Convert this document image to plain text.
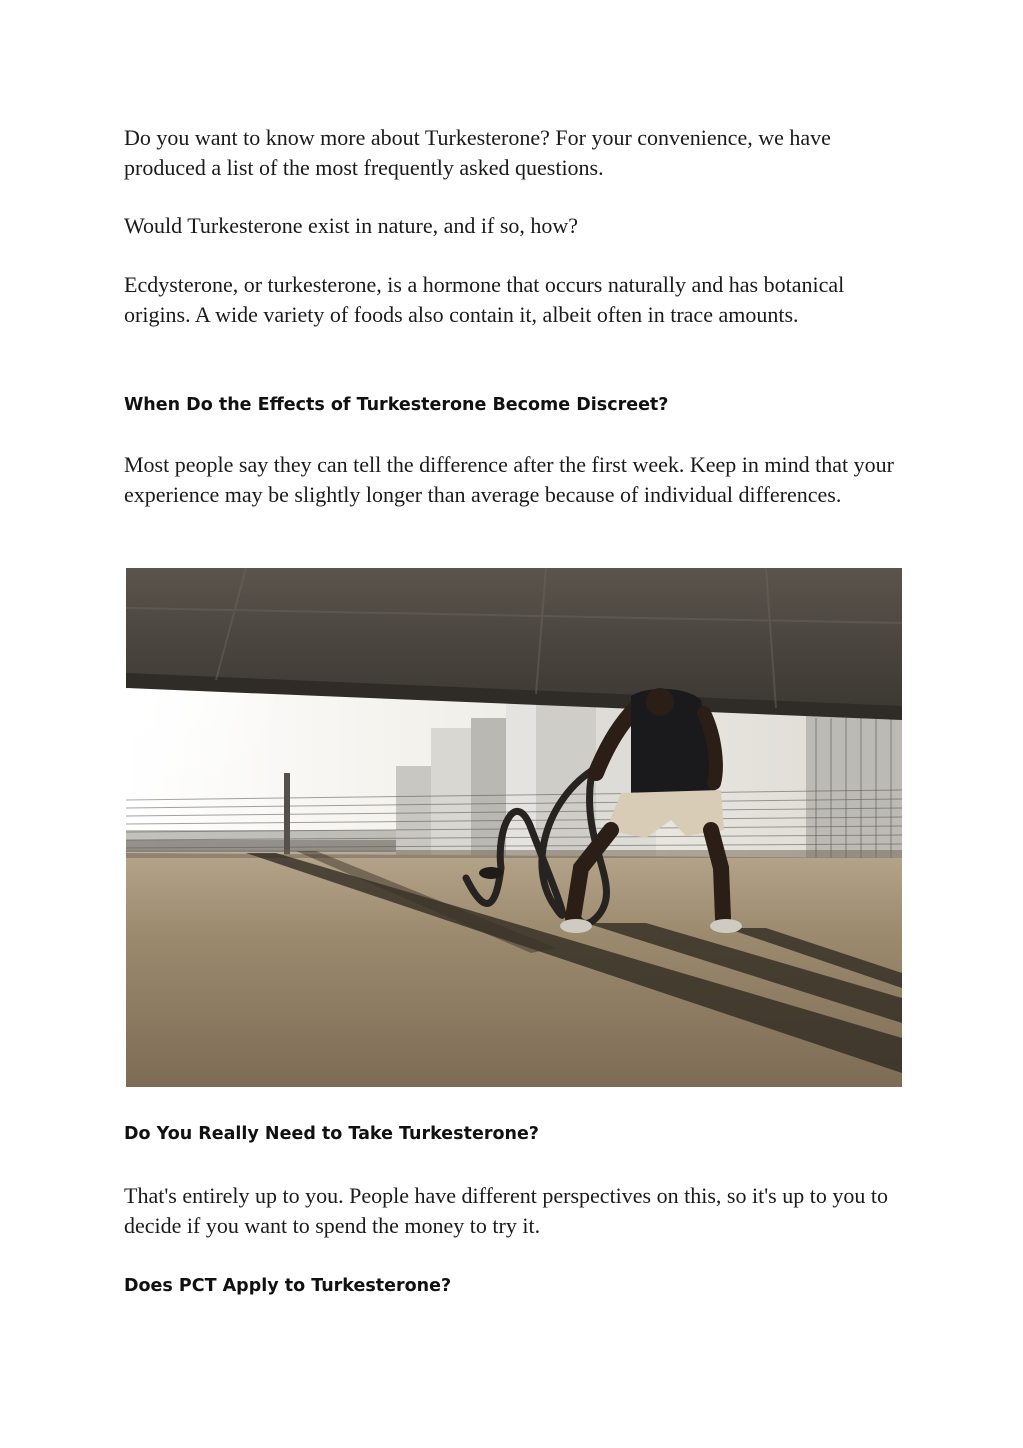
Do you want to know more about Turkesterone? For your convenience, we have produced a list of the most frequently asked questions.

Would Turkesterone exist in nature, and if so, how?

Ecdysterone, or turkesterone, is a hormone that occurs naturally and has botanical origins. A wide variety of foods also contain it, albeit often in trace amounts.

When Do the Effects of Turkesterone Become Discreet?

Most people say they can tell the difference after the first week. Keep in mind that your experience may be slightly longer than average because of individual differences.

Do You Really Need to Take Turkesterone?

That's entirely up to you. People have different perspectives on this, so it's up to you to decide if you want to spend the money to try it.

Does PCT Apply to Turkesterone?
